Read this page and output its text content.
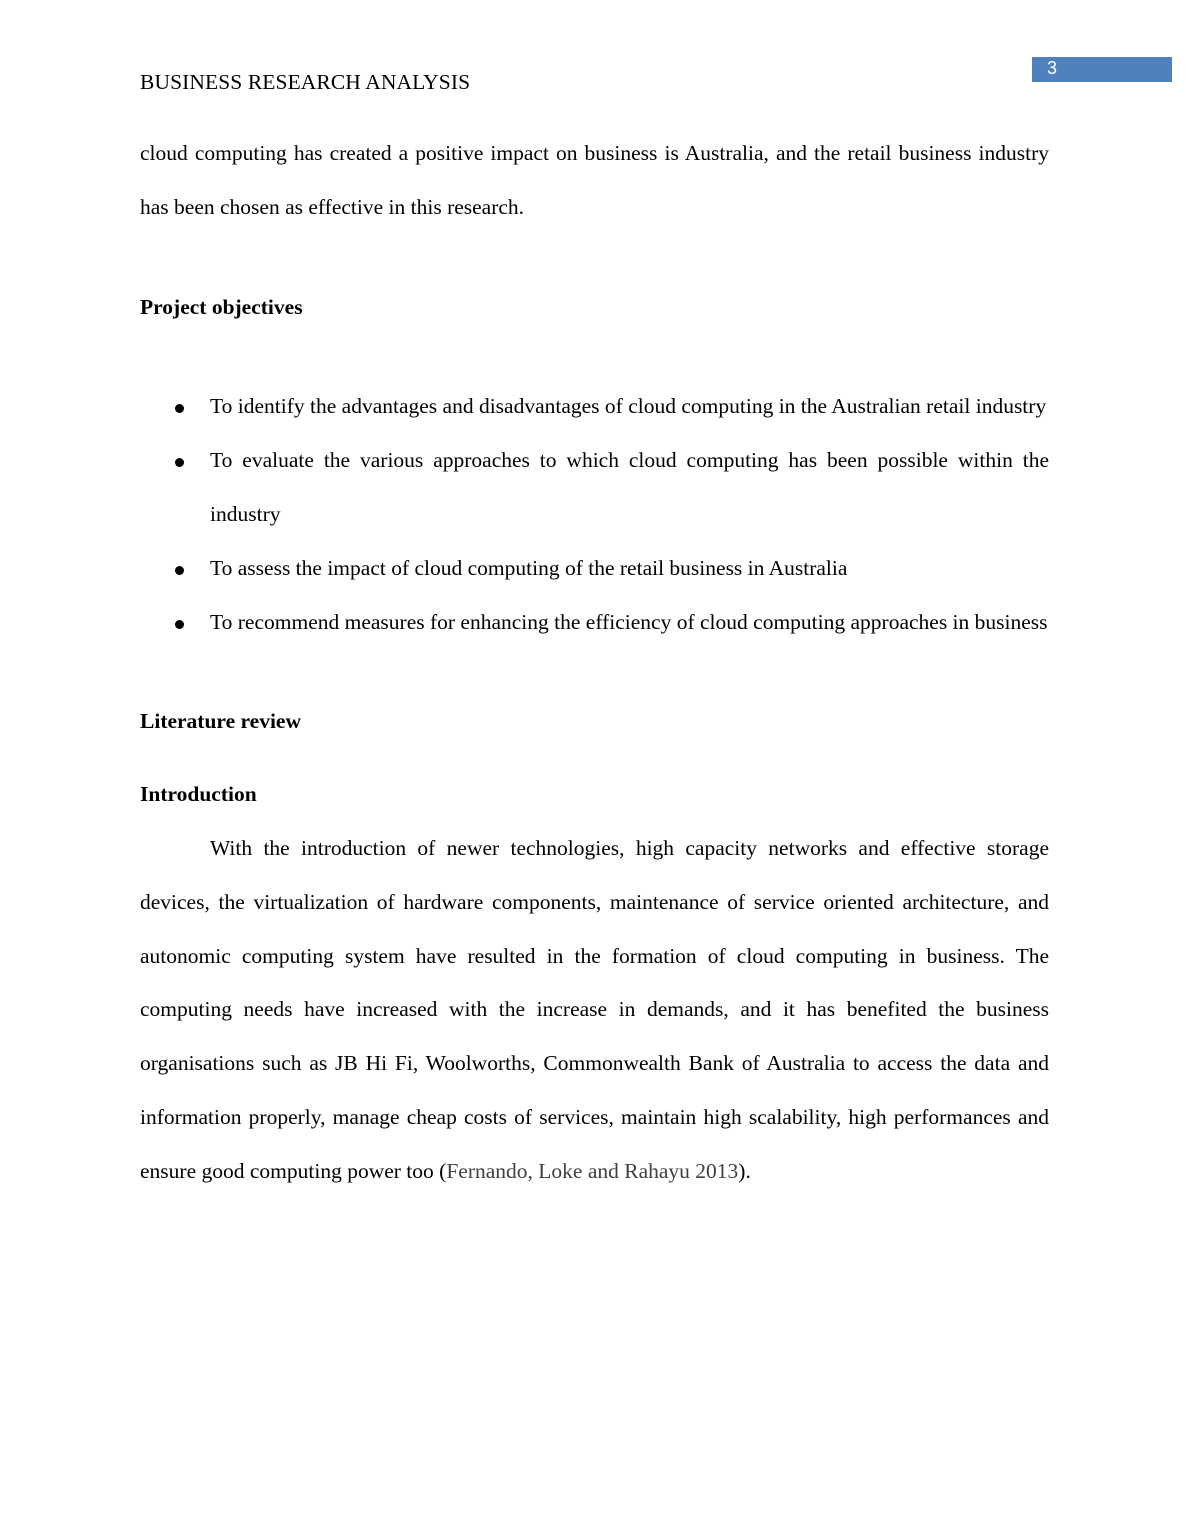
BUSINESS RESEARCH ANALYSIS
3

cloud computing has created a positive impact on business is Australia, and the retail business industry has been chosen as effective in this research.

Project objectives

To identify the advantages and disadvantages of cloud computing in the Australian retail industry
To evaluate the various approaches to which cloud computing has been possible within the industry
To assess the impact of cloud computing of the retail business in Australia
To recommend measures for enhancing the efficiency of cloud computing approaches in business

Literature review

Introduction

With the introduction of newer technologies, high capacity networks and effective storage devices, the virtualization of hardware components, maintenance of service oriented architecture, and autonomic computing system have resulted in the formation of cloud computing in business. The computing needs have increased with the increase in demands, and it has benefited the business organisations such as JB Hi Fi, Woolworths, Commonwealth Bank of Australia to access the data and information properly, manage cheap costs of services, maintain high scalability, high performances and ensure good computing power too (Fernando, Loke and Rahayu 2013).
